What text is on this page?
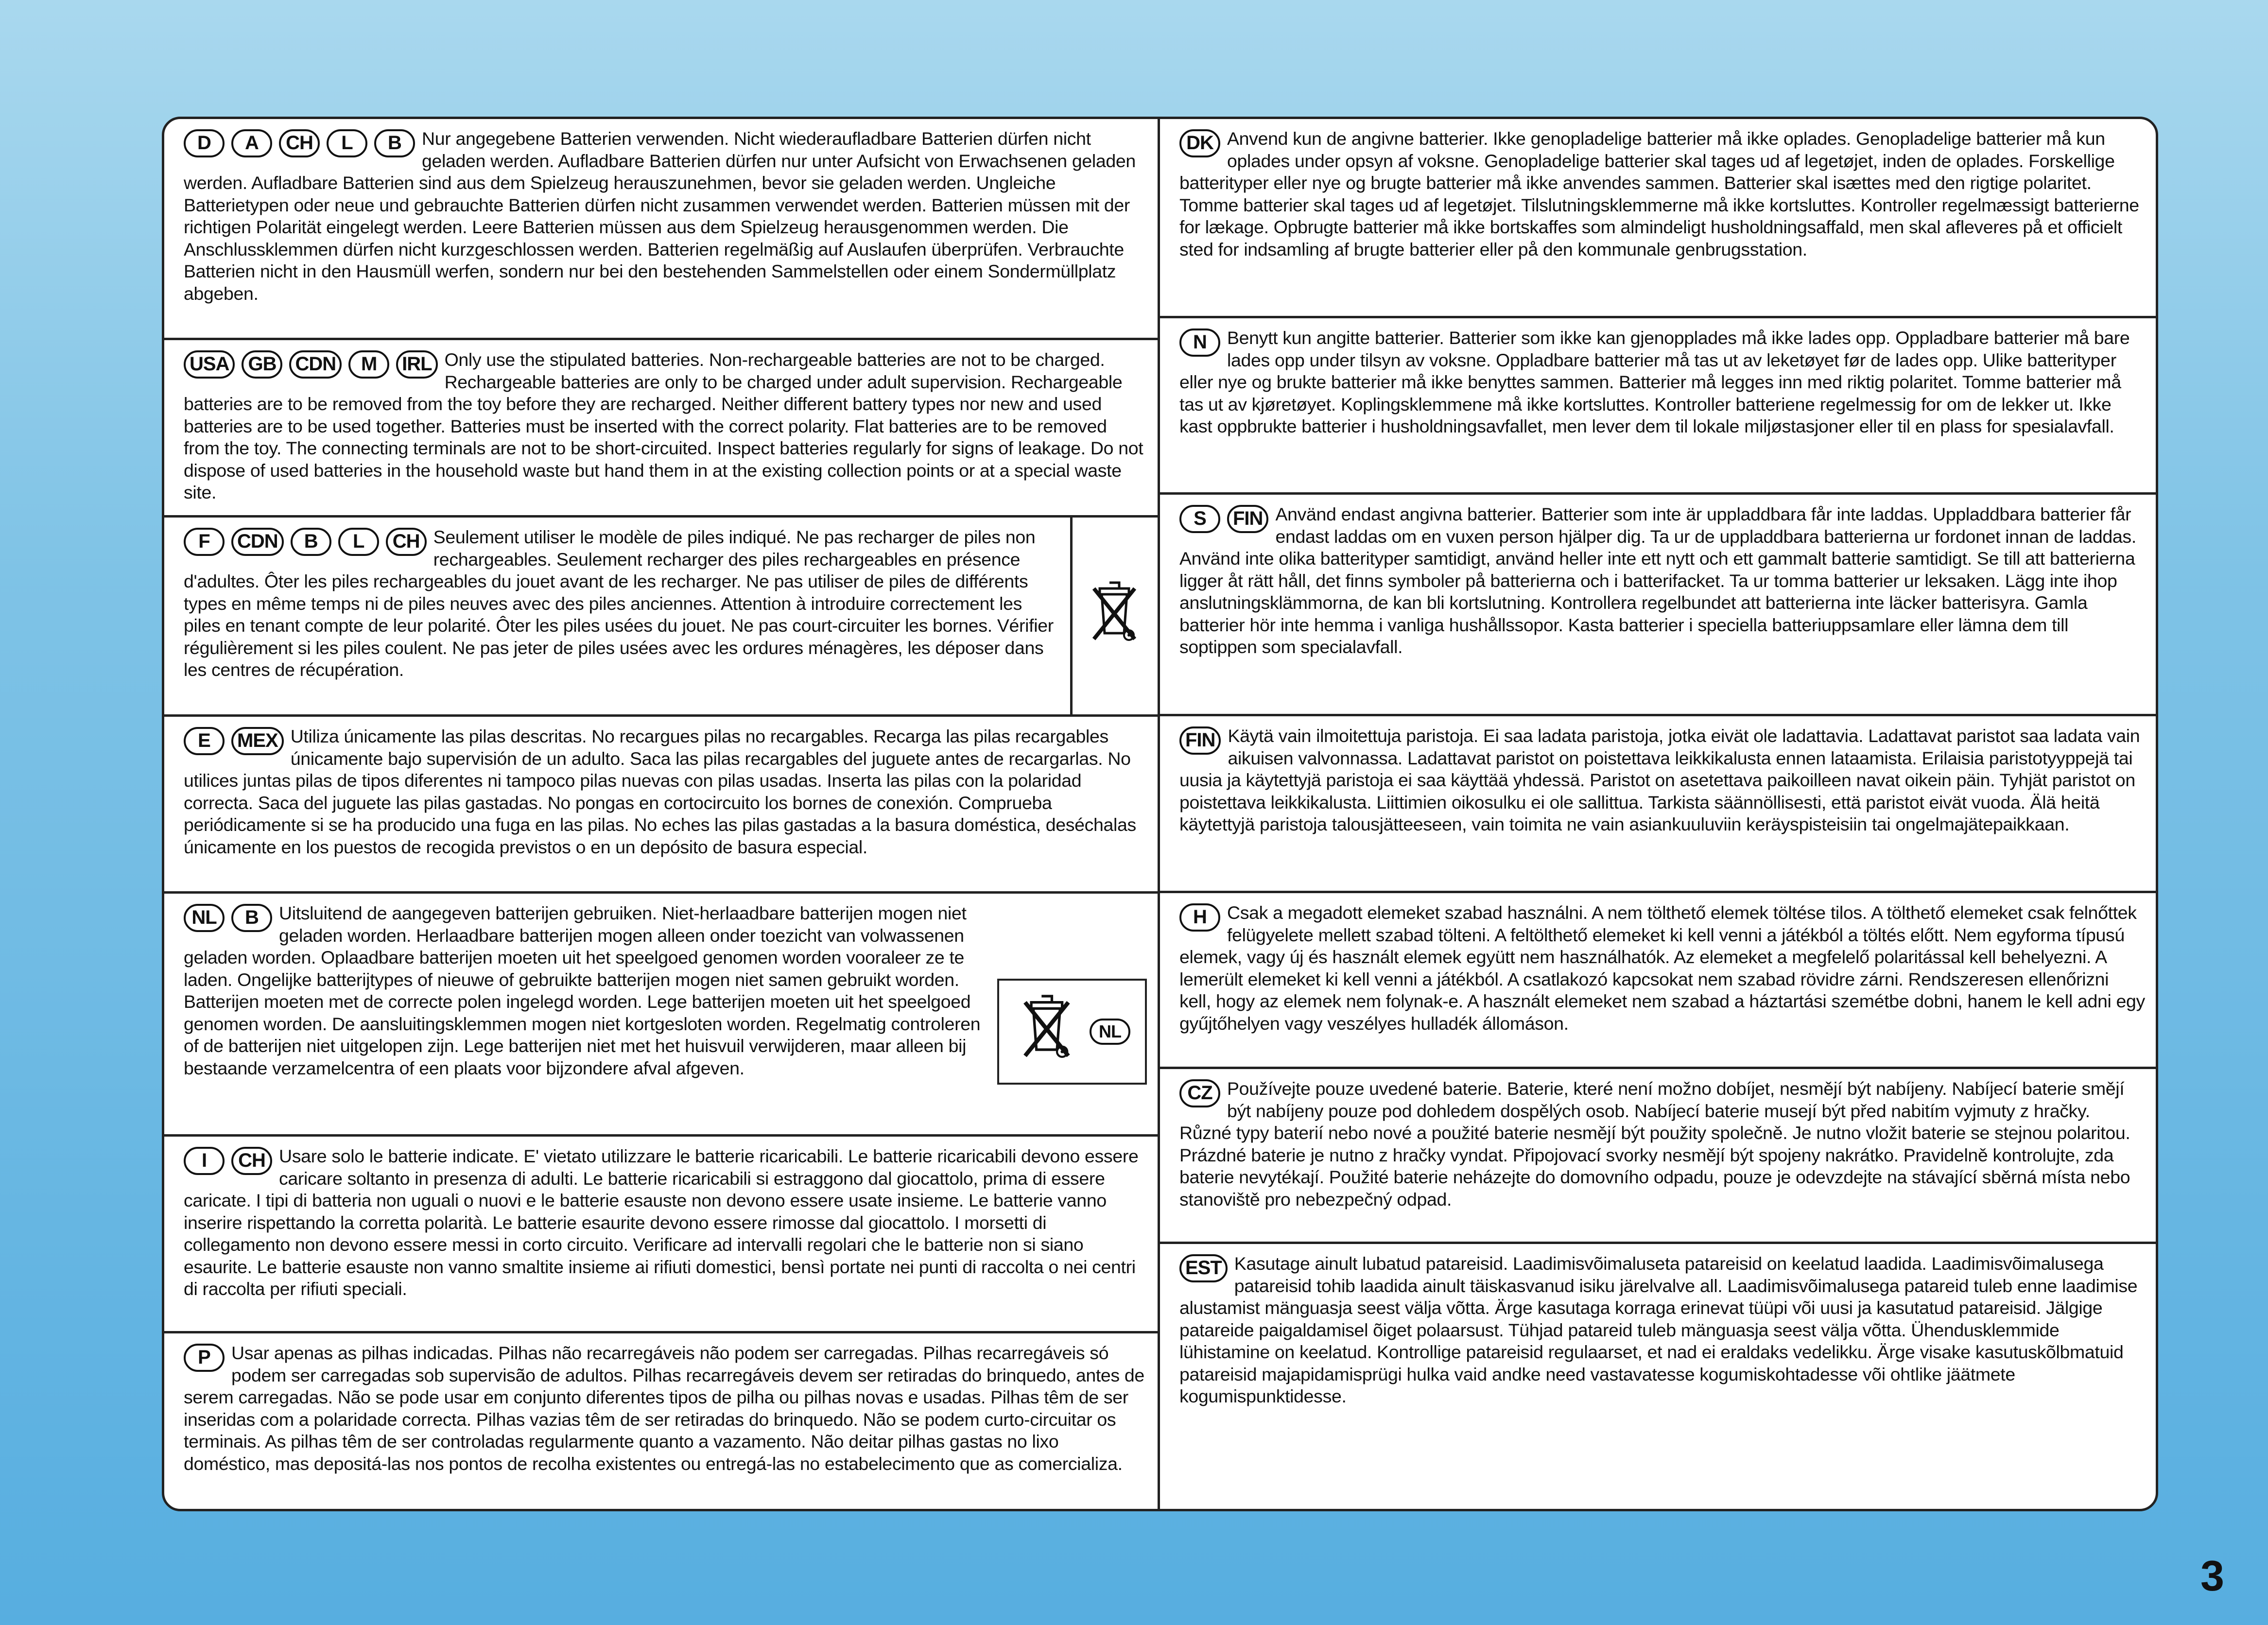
D	A	CH	L	B	Nur angegebene Batterien verwenden. Nicht wiederaufladbare Batterien dürfen nicht geladen werden. Aufladbare Batterien dürfen nur unter Aufsicht von Erwachsenen geladen werden. Aufladbare Batterien sind aus dem Spielzeug herauszunehmen, bevor sie geladen werden. Ungleiche Batterietypen oder neue und gebrauchte Batterien dürfen nicht zusammen verwendet werden. Batterien müssen mit der richtigen Polarität eingelegt werden. Leere Batterien müssen aus dem Spielzeug herausgenommen werden. Die Anschlussklemmen dürfen nicht kurzgeschlossen werden. Batterien regelmäßig auf Auslaufen überprüfen. Verbrauchte Batterien nicht in den Hausmüll werfen, sondern nur bei den bestehenden Sammelstellen oder einem Sondermüllplatz abgeben.
USA GB CDN	M	IRL Only use the stipulated batteries. Non-rechargeable batteries are not to be charged. Rechargeable batteries are only to be charged under adult supervision. Rechargeable batteries are to be removed from the toy before they are recharged. Neither different battery types nor new and used batteries are to be used together. Batteries must be inserted with the correct polarity. Flat batteries are to be removed from the toy. The connecting terminals are not to be short-circuited. Inspect batteries regularly for signs of leakage. Do not dispose of used batteries in the household waste but hand them in at the existing collection points or at a special waste site.
F	CDN	B	L	CH Seulement utiliser le modèle de piles indiqué. Ne pas recharger de piles non rechargeables. Seulement recharger des piles rechargeables en présence d'adultes. Ôter les piles rechargeables du jouet avant de les recharger. Ne pas utiliser de piles de différents types en même temps ni de piles neuves avec des piles anciennes. Attention à introduire correctement les piles en tenant compte de leur polarité. Ôter les piles usées du jouet. Ne pas court-circuiter les bornes. Vérifier régulièrement si les piles coulent. Ne pas jeter de piles usées avec les ordures ménagères, les déposer dans les centres de récupération.
E	MEX Utiliza únicamente las pilas descritas. No recargues pilas no recargables. Recarga las pilas recargables únicamente bajo supervisión de un adulto. Saca las pilas recargables del juguete antes de recargarlas. No utilices juntas pilas de tipos diferentes ni tampoco pilas nuevas con pilas usadas. Inserta las pilas con la polaridad correcta. Saca del juguete las pilas gastadas. No pongas en cortocircuito los bornes de conexión. Comprueba periódicamente si se ha producido una fuga en las pilas. No eches las pilas gastadas a la basura doméstica, deséchalas únicamente en los puestos de recogida previstos o en un depósito de basura especial.
NL	B	Uitsluitend de aangegeven batterijen gebruiken. Niet-herlaadbare batterijen mogen niet geladen worden. Herlaadbare batterijen mogen alleen onder toezicht van volwassenen geladen worden. Oplaadbare batterijen moeten uit het speelgoed genomen worden vooraleer ze te laden. Ongelijke batterijtypes of nieuwe of gebruikte batterijen mogen niet samen gebruikt worden. Batterijen moeten met de correcte polen ingelegd worden. Lege batterijen moeten uit het speelgoed genomen worden. De aansluitingsklemmen mogen niet kortgesloten worden. Regelmatig controleren of de batterijen niet uitgelopen zijn. Lege batterijen niet met het huisvuil verwijderen, maar alleen bij bestaande verzamelcentra of een plaats voor bijzondere afval afgeven.
NL
I	CH Usare solo le batterie indicate. E' vietato utilizzare le batterie ricaricabili. Le batterie ricaricabili devono essere caricare soltanto in presenza di adulti. Le batterie ricaricabili si estraggono dal giocattolo, prima di essere caricate. I tipi di batteria non uguali o nuovi e le batterie esauste non devono essere usate insieme. Le batterie vanno inserire rispettando la corretta polarità. Le batterie esaurite devono essere rimosse dal giocattolo. I morsetti di collegamento non devono essere messi in corto circuito. Verificare ad intervalli regolari che le batterie non si siano esaurite. Le batterie esauste non vanno smaltite insieme ai rifiuti domestici, bensì portate nei punti di raccolta o nei centri di raccolta per rifiuti speciali.
P	Usar apenas as pilhas indicadas. Pilhas não recarregáveis não podem ser carregadas. Pilhas recarregáveis só podem ser carregadas sob supervisão de adultos. Pilhas recarregáveis devem ser retiradas do brinquedo, antes de serem carregadas. Não se pode usar em conjunto diferentes tipos de pilha ou pilhas novas e usadas. Pilhas têm de ser inseridas com a polaridade correcta. Pilhas vazias têm de ser retiradas do brinquedo. Não se podem curto-circuitar os terminais. As pilhas têm de ser controladas regularmente quanto a vazamento. Não deitar pilhas gastas no lixo doméstico, mas depositá-las nos pontos de recolha existentes ou entregá-las no estabelecimento que as comercializa.
DK Anvend kun de angivne batterier. Ikke genopladelige batterier må ikke oplades. Genopladelige batterier må kun oplades under opsyn af voksne. Genopladelige batterier skal tages ud af legetøjet, inden de oplades. Forskellige batterityper eller nye og brugte batterier må ikke anvendes sammen. Batterier skal isættes med den rigtige polaritet. Tomme batterier skal tages ud af legetøjet. Tilslutningsklemmerne må ikke kortsluttes. Kontroller regelmæssigt batterierne for lækage. Opbrugte batterier må ikke bortskaffes som almindeligt husholdningsaffald, men skal afleveres på et officielt sted for indsamling af brugte batterier eller på den kommunale genbrugsstation.
N	Benytt kun angitte batterier. Batterier som ikke kan gjenopplades må ikke lades opp. Oppladbare batterier må bare lades opp under tilsyn av voksne. Oppladbare batterier må tas ut av leketøyet før de lades opp. Ulike batterityper eller nye og brukte batterier må ikke benyttes sammen. Batterier må legges inn med riktig polaritet. Tomme batterier må tas ut av kjøretøyet. Koplingsklemmene må ikke kortsluttes. Kontroller batteriene regelmessig for om de lekker ut. Ikke kast oppbrukte batterier i husholdningsavfallet, men lever dem til lokale miljøstasjoner eller til en plass for spesialavfall.
S	FIN Använd endast angivna batterier. Batterier som inte är uppladdbara får inte laddas. Uppladdbara batterier får endast laddas om en vuxen person hjälper dig. Ta ur de uppladdbara batterierna ur fordonet innan de laddas. Använd inte olika batterityper samtidigt, använd heller inte ett nytt och ett gammalt batterie samtidigt. Se till att batterierna ligger åt rätt håll, det finns symboler på batterierna och i batterifacket. Ta ur tomma batterier ur leksaken. Lägg inte ihop anslutningsklämmorna, de kan bli kortslutning. Kontrollera regelbundet att batterierna inte läcker batterisyra. Gamla batterier hör inte hemma i vanliga hushållssopor. Kasta batterier i speciella batteriuppsamlare eller lämna dem till soptippen som specialavfall.
FIN Käytä vain ilmoitettuja paristoja. Ei saa ladata paristoja, jotka eivät ole ladattavia. Ladattavat paristot saa ladata vain aikuisen valvonnassa. Ladattavat paristot on poistettava leikkikalusta ennen lataamista. Erilaisia paristotyyppejä tai uusia ja käytettyjä paristoja ei saa käyttää yhdessä. Paristot on asetettava paikoilleen navat oikein päin. Tyhjät paristot on poistettava leikkikalusta. Liittimien oikosulku ei ole sallittua. Tarkista säännöllisesti, että paristot eivät vuoda. Älä heitä käytettyjä paristoja talousjätteeseen, vain toimita ne vain asiankuuluviin keräyspisteisiin tai ongelmajätepaikkaan.
H	Csak a megadott elemeket szabad használni. A nem tölthető elemek töltése tilos. A tölthető elemeket csak felnőttek felügyelete mellett szabad tölteni. A feltölthető elemeket ki kell venni a játékból a töltés előtt. Nem egyforma típusú elemek, vagy új és használt elemek együtt nem használhatók. Az elemeket a megfelelő polaritással kell behelyezni. A lemerült elemeket ki kell venni a játékból. A csatlakozó kapcsokat nem szabad rövidre zárni. Rendszeresen ellenőrizni kell, hogy az elemek nem folynak-e. A használt elemeket nem szabad a háztartási szemétbe dobni, hanem le kell adni egy gyűjtőhelyen vagy veszélyes hulladék állomáson.
CZ Používejte pouze uvedené baterie. Baterie, které není možno dobíjet, nesmějí být nabíjeny. Nabíjecí baterie smějí být nabíjeny pouze pod dohledem dospělých osob. Nabíjecí baterie musejí být před nabitím vyjmuty z hračky. Různé typy baterií nebo nové a použité baterie nesmějí být použity společně. Je nutno vložit baterie se stejnou polaritou. Prázdné baterie je nutno z hračky vyndat. Připojovací svorky nesmějí být spojeny nakrátko. Pravidelně kontrolujte, zda baterie nevytékají. Použité baterie neházejte do domovního odpadu, pouze je odevzdejte na stávající sběrná místa nebo stanoviště pro nebezpečný odpad.
EST Kasutage ainult lubatud patareisid. Laadimisvõimaluseta patareisid on keelatud laadida. Laadimisvõimalusega patareisid tohib laadida ainult täiskasvanud isiku järelvalve all. Laadimisvõimalusega patareid tuleb enne laadimise alustamist mänguasja seest välja võtta. Ärge kasutaga korraga erinevat tüüpi või uusi ja kasutatud patareisid. Jälgige patareide paigaldamisel õiget polaarsust. Tühjad patareid tuleb mänguasja seest välja võtta. Ühendusklemmide lühistamine on keelatud. Kontrollige patareisid regulaarset, et nad ei eraldaks vedelikku. Ärge visake kasutuskõlbmatuid patareisid majapidamisprügi hulka vaid andke need vastavatesse kogumiskohtadesse või ohtlike jäätmete kogumispunktidesse.
3
